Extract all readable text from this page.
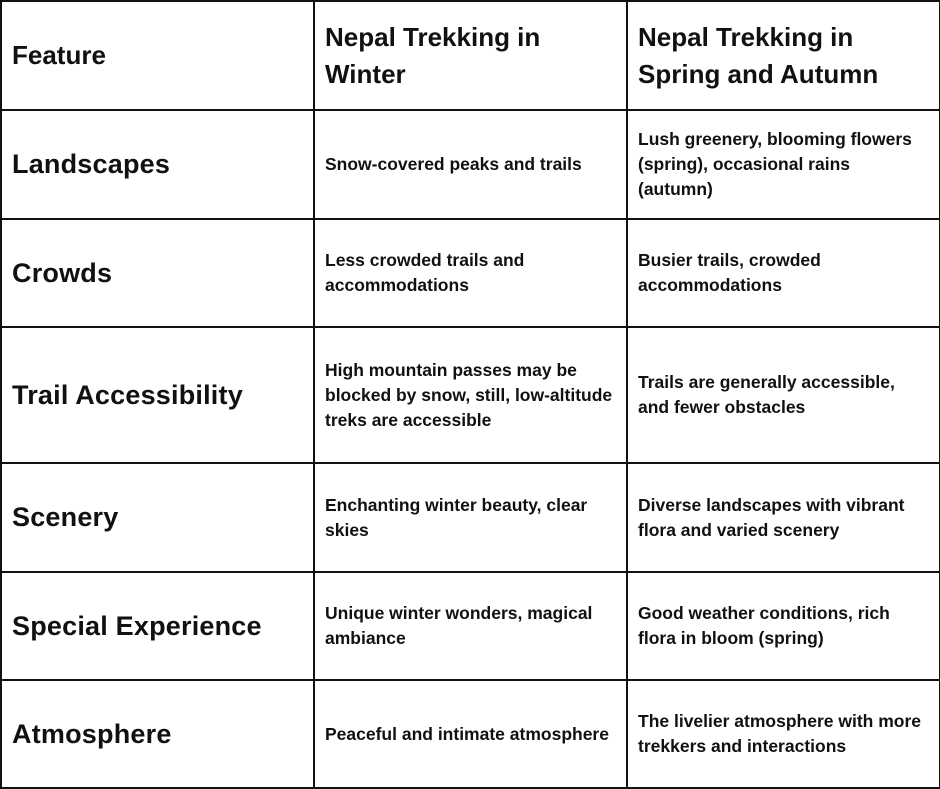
Feature	Nepal Trekking in Winter	Nepal Trekking in Spring and Autumn
Landscapes	Snow-covered peaks and trails	Lush greenery, blooming flowers (spring), occasional rains (autumn)
Crowds	Less crowded trails and accommodations	Busier trails, crowded accommodations
Trail Accessibility	High mountain passes may be blocked by snow, still, low-altitude treks are accessible	Trails are generally accessible, and fewer obstacles
Scenery	Enchanting winter beauty, clear skies	Diverse landscapes with vibrant flora and varied scenery
Special Experience	Unique winter wonders, magical ambiance	Good weather conditions, rich flora in bloom (spring)
Atmosphere	Peaceful and intimate atmosphere	The livelier atmosphere with more trekkers and interactions
